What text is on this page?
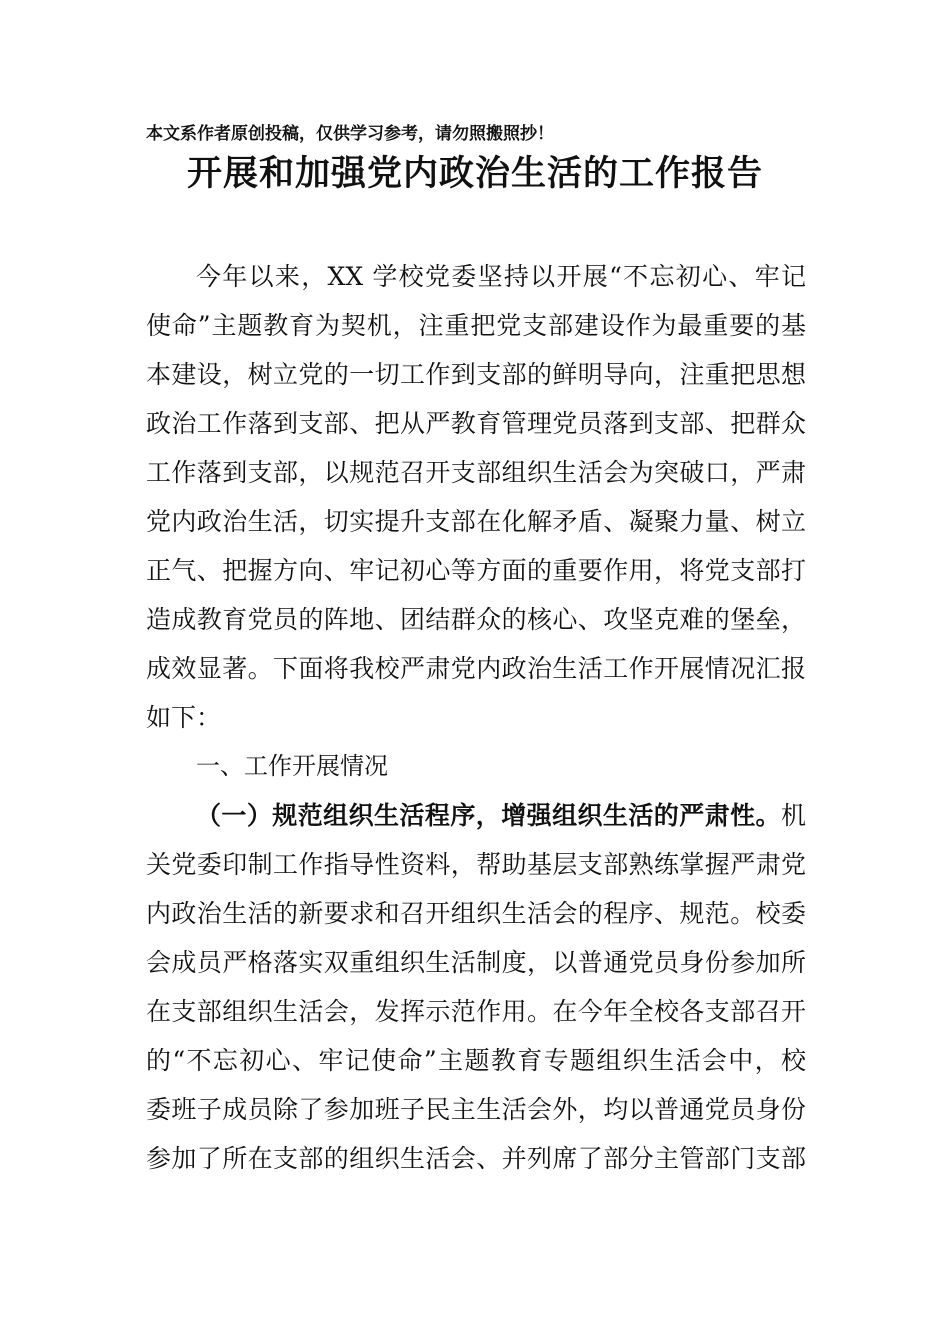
本文系作者原创投稿，仅供学习参考，请勿照搬照抄！
开展和加强党内政治生活的工作报告
今年以来，XX 学校党委坚持以开展“不忘初心、牢记
使命”主题教育为契机，注重把党支部建设作为最重要的基
本建设，树立党的一切工作到支部的鲜明导向，注重把思想
政治工作落到支部、把从严教育管理党员落到支部、把群众
工作落到支部，以规范召开支部组织生活会为突破口，严肃
党内政治生活，切实提升支部在化解矛盾、凝聚力量、树立
正气、把握方向、牢记初心等方面的重要作用，将党支部打
造成教育党员的阵地、团结群众的核心、攻坚克难的堡垒，
成效显著。下面将我校严肃党内政治生活工作开展情况汇报
如下：
一、工作开展情况
（一）规范组织生活程序，增强组织生活的严肃性。机
关党委印制工作指导性资料，帮助基层支部熟练掌握严肃党
内政治生活的新要求和召开组织生活会的程序、规范。校委
会成员严格落实双重组织生活制度，以普通党员身份参加所
在支部组织生活会，发挥示范作用。在今年全校各支部召开
的“不忘初心、牢记使命”主题教育专题组织生活会中，校
委班子成员除了参加班子民主生活会外，均以普通党员身份
参加了所在支部的组织生活会、并列席了部分主管部门支部
